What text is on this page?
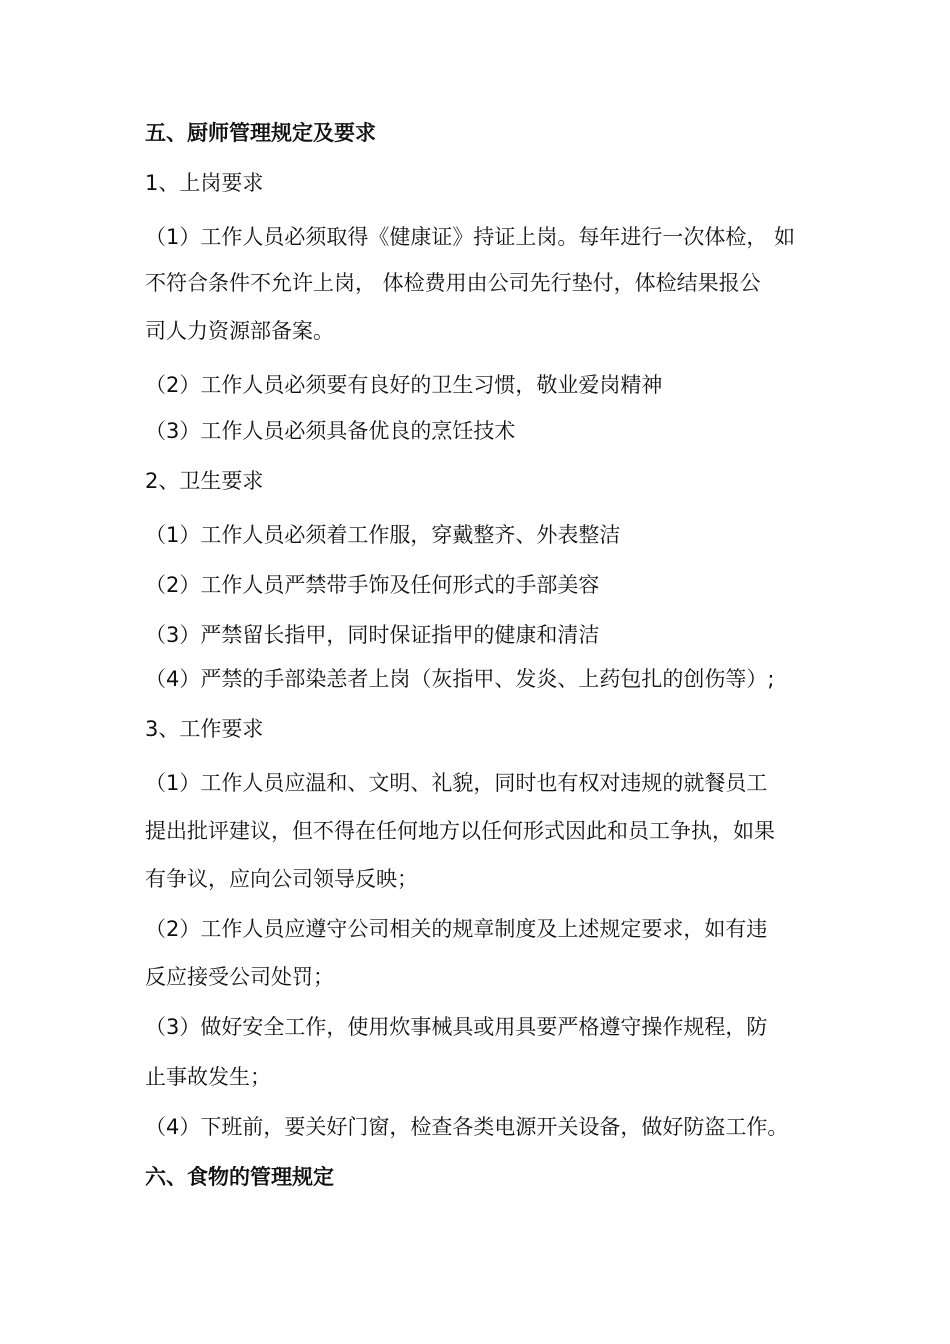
五、厨师管理规定及要求
1、上岗要求
（1）工作人员必须取得《健康证》持证上岗。每年进行一次体检， 如
不符合条件不允许上岗， 体检费用由公司先行垫付，体检结果报公
司人力资源部备案。
（2）工作人员必须要有良好的卫生习惯，敬业爱岗精神
（3）工作人员必须具备优良的烹饪技术
2、卫生要求
（1）工作人员必须着工作服，穿戴整齐、外表整洁
（2）工作人员严禁带手饰及任何形式的手部美容
（3）严禁留长指甲，同时保证指甲的健康和清洁
（4）严禁的手部染恙者上岗（灰指甲、发炎、上药包扎的创伤等）;
3、工作要求
（1）工作人员应温和、文明、礼貌，同时也有权对违规的就餐员工
提出批评建议，但不得在任何地方以任何形式因此和员工争执，如果
有争议，应向公司领导反映；
（2）工作人员应遵守公司相关的规章制度及上述规定要求，如有违
反应接受公司处罚；
（3）做好安全工作，使用炊事械具或用具要严格遵守操作规程，防
止事故发生；
（4）下班前，要关好门窗，检查各类电源开关设备，做好防盗工作。
六、食物的管理规定
